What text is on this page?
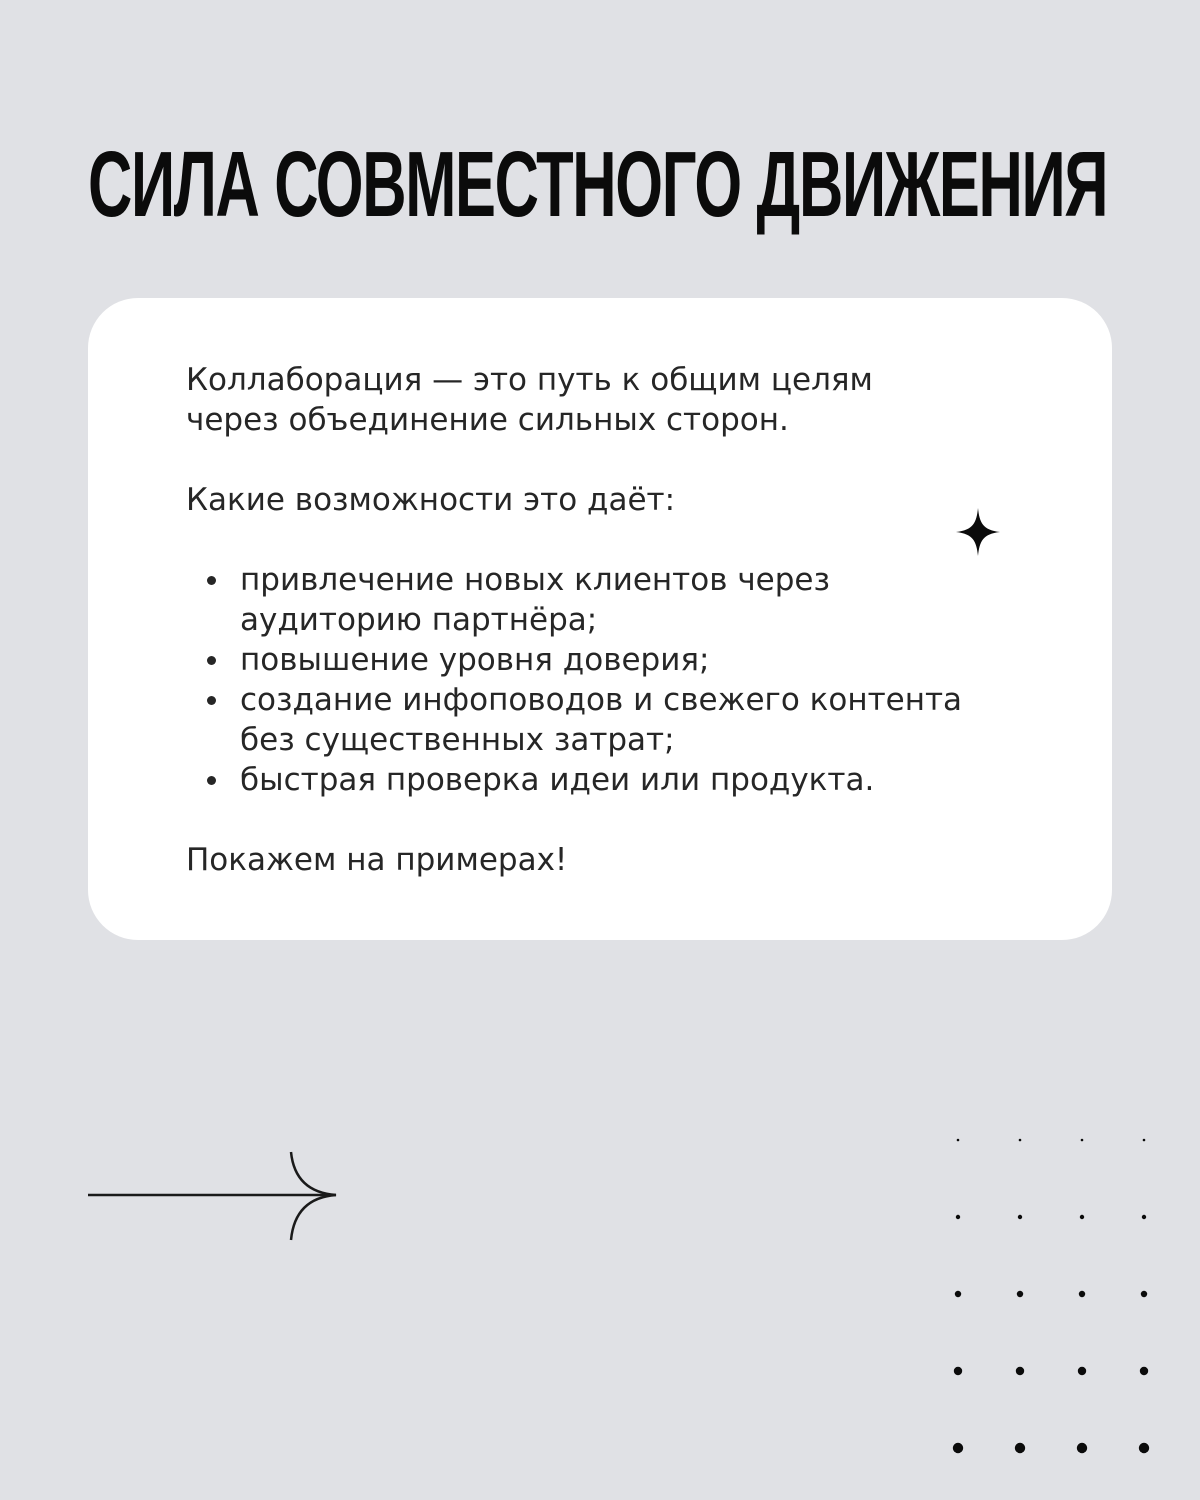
СИЛА СОВМЕСТНОГО ДВИЖЕНИЯ

Коллаборация — это путь к общим целям через объединение сильных сторон.

Какие возможности это даёт:

привлечение новых клиентов через аудиторию партнёра;
повышение уровня доверия;
создание инфоповодов и свежего контента без существенных затрат;
быстрая проверка идеи или продукта.

Покажем на примерах!
